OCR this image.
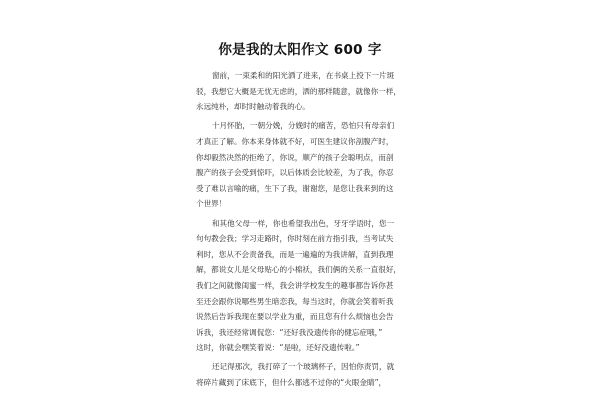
你是我的太阳作文 600 字

窗前，一束柔和的阳光洒了进来，在书桌上投下一片斑
驳，我想它大概是无忧无虑的，洒的那样随意，就像你一样，
永远纯朴，却时时触动着我的心。

十月怀胎，一朝分娩，分娩时的痛苦，恐怕只有母亲们
才真正了解。你本来身体就不好，可医生建议你剖腹产时，
你却毅然决然的拒绝了，你说，顺产的孩子会聪明点，而剖
腹产的孩子会受到惊吓，以后体质会比较差，为了我，你忍
受了难以言喻的痛，生下了我，谢谢您，是您让我来到的这
个世界！

和其他父母一样，你也希望我出色，牙牙学语时，您一
句句教会我；学习走路时，你时刻在前方指引我，当考试失
利时，您从不会责备我，而是一遍遍的为我讲解，直到我理
解，都说女儿是父母贴心的小棉袄，我们俩的关系一直很好，
我们之间就像闺蜜一样，我会讲学校发生的趣事都告诉你甚
至还会跟你说哪些男生暗恋我，每当这时，你就会笑着听我
说然后告诉我现在要以学业为重，而且您有什么烦恼也会告
诉我，我还经常调侃您：“还好我没遗传你的健忘症哦，”
这时，你就会嘿笑着说：“是啦，还好没遗传啦。”

还记得那次，我打碎了一个玻璃杯子，因怕你责罚，就
将碎片藏到了床底下，但什么都逃不过你的“火眼金睛”，
